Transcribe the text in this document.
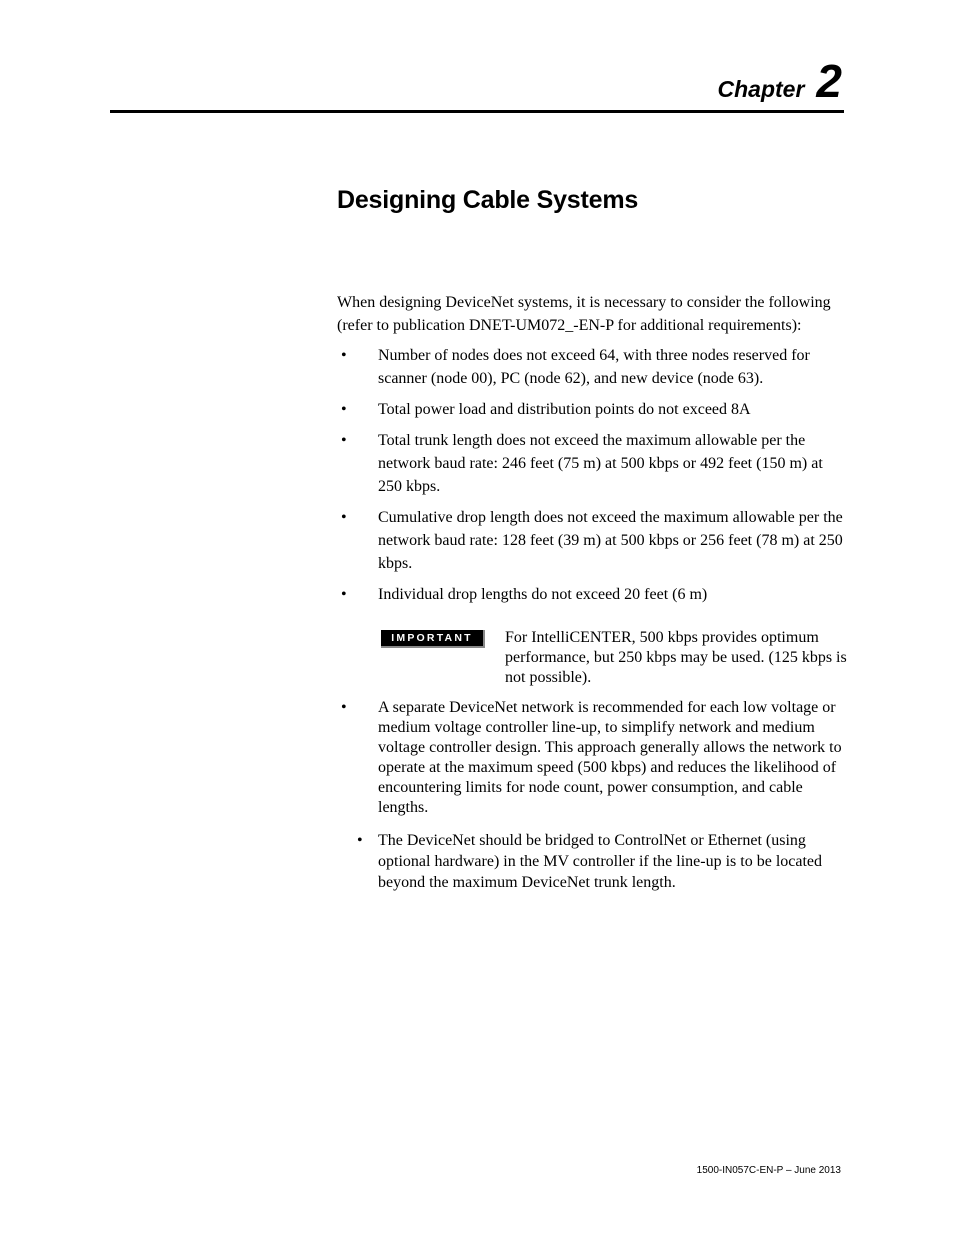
Chapter 2
Designing Cable Systems

When designing DeviceNet systems, it is necessary to consider the following (refer to publication DNET-UM072_-EN-P for additional requirements):

• Number of nodes does not exceed 64, with three nodes reserved for scanner (node 00), PC (node 62), and new device (node 63).
• Total power load and distribution points do not exceed 8A
• Total trunk length does not exceed the maximum allowable per the network baud rate: 246 feet (75 m) at 500 kbps or 492 feet (150 m) at 250 kbps.
• Cumulative drop length does not exceed the maximum allowable per the network baud rate: 128 feet (39 m) at 500 kbps or 256 feet (78 m) at 250 kbps.
• Individual drop lengths do not exceed 20 feet (6 m)
IMPORTANT	For IntelliCENTER, 500 kbps provides optimum performance, but 250 kbps may be used. (125 kbps is not possible).
• A separate DeviceNet network is recommended for each low voltage or medium voltage controller line-up, to simplify network and medium voltage controller design. This approach generally allows the network to operate at the maximum speed (500 kbps) and reduces the likelihood of encountering limits for node count, power consumption, and cable lengths.
• The DeviceNet should be bridged to ControlNet or Ethernet (using optional hardware) in the MV controller if the line-up is to be located beyond the maximum DeviceNet trunk length.
1500-IN057C-EN-P – June 2013
